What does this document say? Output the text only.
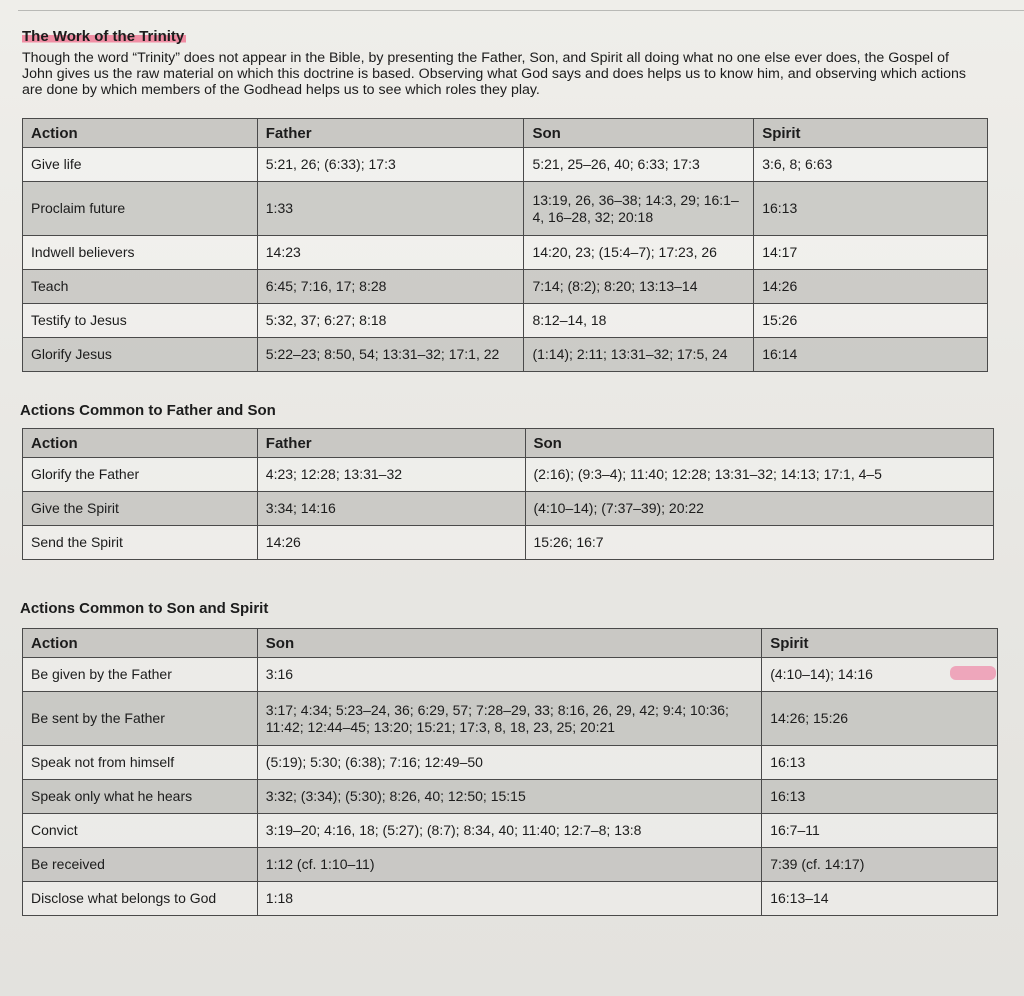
The Work of the Trinity
Though the word “Trinity” does not appear in the Bible, by presenting the Father, Son, and Spirit all doing what no one else ever does, the Gospel of John gives us the raw material on which this doctrine is based. Observing what God says and does helps us to know him, and observing which actions are done by which members of the Godhead helps us to see which roles they play.
Action	Father	Son	Spirit
Give life	5:21, 26; (6:33); 17:3	5:21, 25–26, 40; 6:33; 17:3	3:6, 8; 6:63
Proclaim future	1:33	13:19, 26, 36–38; 14:3, 29; 16:1–4, 16–28, 32; 20:18	16:13
Indwell believers	14:23	14:20, 23; (15:4–7); 17:23, 26	14:17
Teach	6:45; 7:16, 17; 8:28	7:14; (8:2); 8:20; 13:13–14	14:26
Testify to Jesus	5:32, 37; 6:27; 8:18	8:12–14, 18	15:26
Glorify Jesus	5:22–23; 8:50, 54; 13:31–32; 17:1, 22	(1:14); 2:11; 13:31–32; 17:5, 24	16:14
Actions Common to Father and Son
Action	Father	Son
Glorify the Father	4:23; 12:28; 13:31–32	(2:16); (9:3–4); 11:40; 12:28; 13:31–32; 14:13; 17:1, 4–5
Give the Spirit	3:34; 14:16	(4:10–14); (7:37–39); 20:22
Send the Spirit	14:26	15:26; 16:7
Actions Common to Son and Spirit
Action	Son	Spirit
Be given by the Father	3:16	(4:10–14); 14:16
Be sent by the Father	3:17; 4:34; 5:23–24, 36; 6:29, 57; 7:28–29, 33; 8:16, 26, 29, 42; 9:4; 10:36; 11:42; 12:44–45; 13:20; 15:21; 17:3, 8, 18, 23, 25; 20:21	14:26; 15:26
Speak not from himself	(5:19); 5:30; (6:38); 7:16; 12:49–50	16:13
Speak only what he hears	3:32; (3:34); (5:30); 8:26, 40; 12:50; 15:15	16:13
Convict	3:19–20; 4:16, 18; (5:27); (8:7); 8:34, 40; 11:40; 12:7–8; 13:8	16:7–11
Be received	1:12 (cf. 1:10–11)	7:39 (cf. 14:17)
Disclose what belongs to God	1:18	16:13–14
